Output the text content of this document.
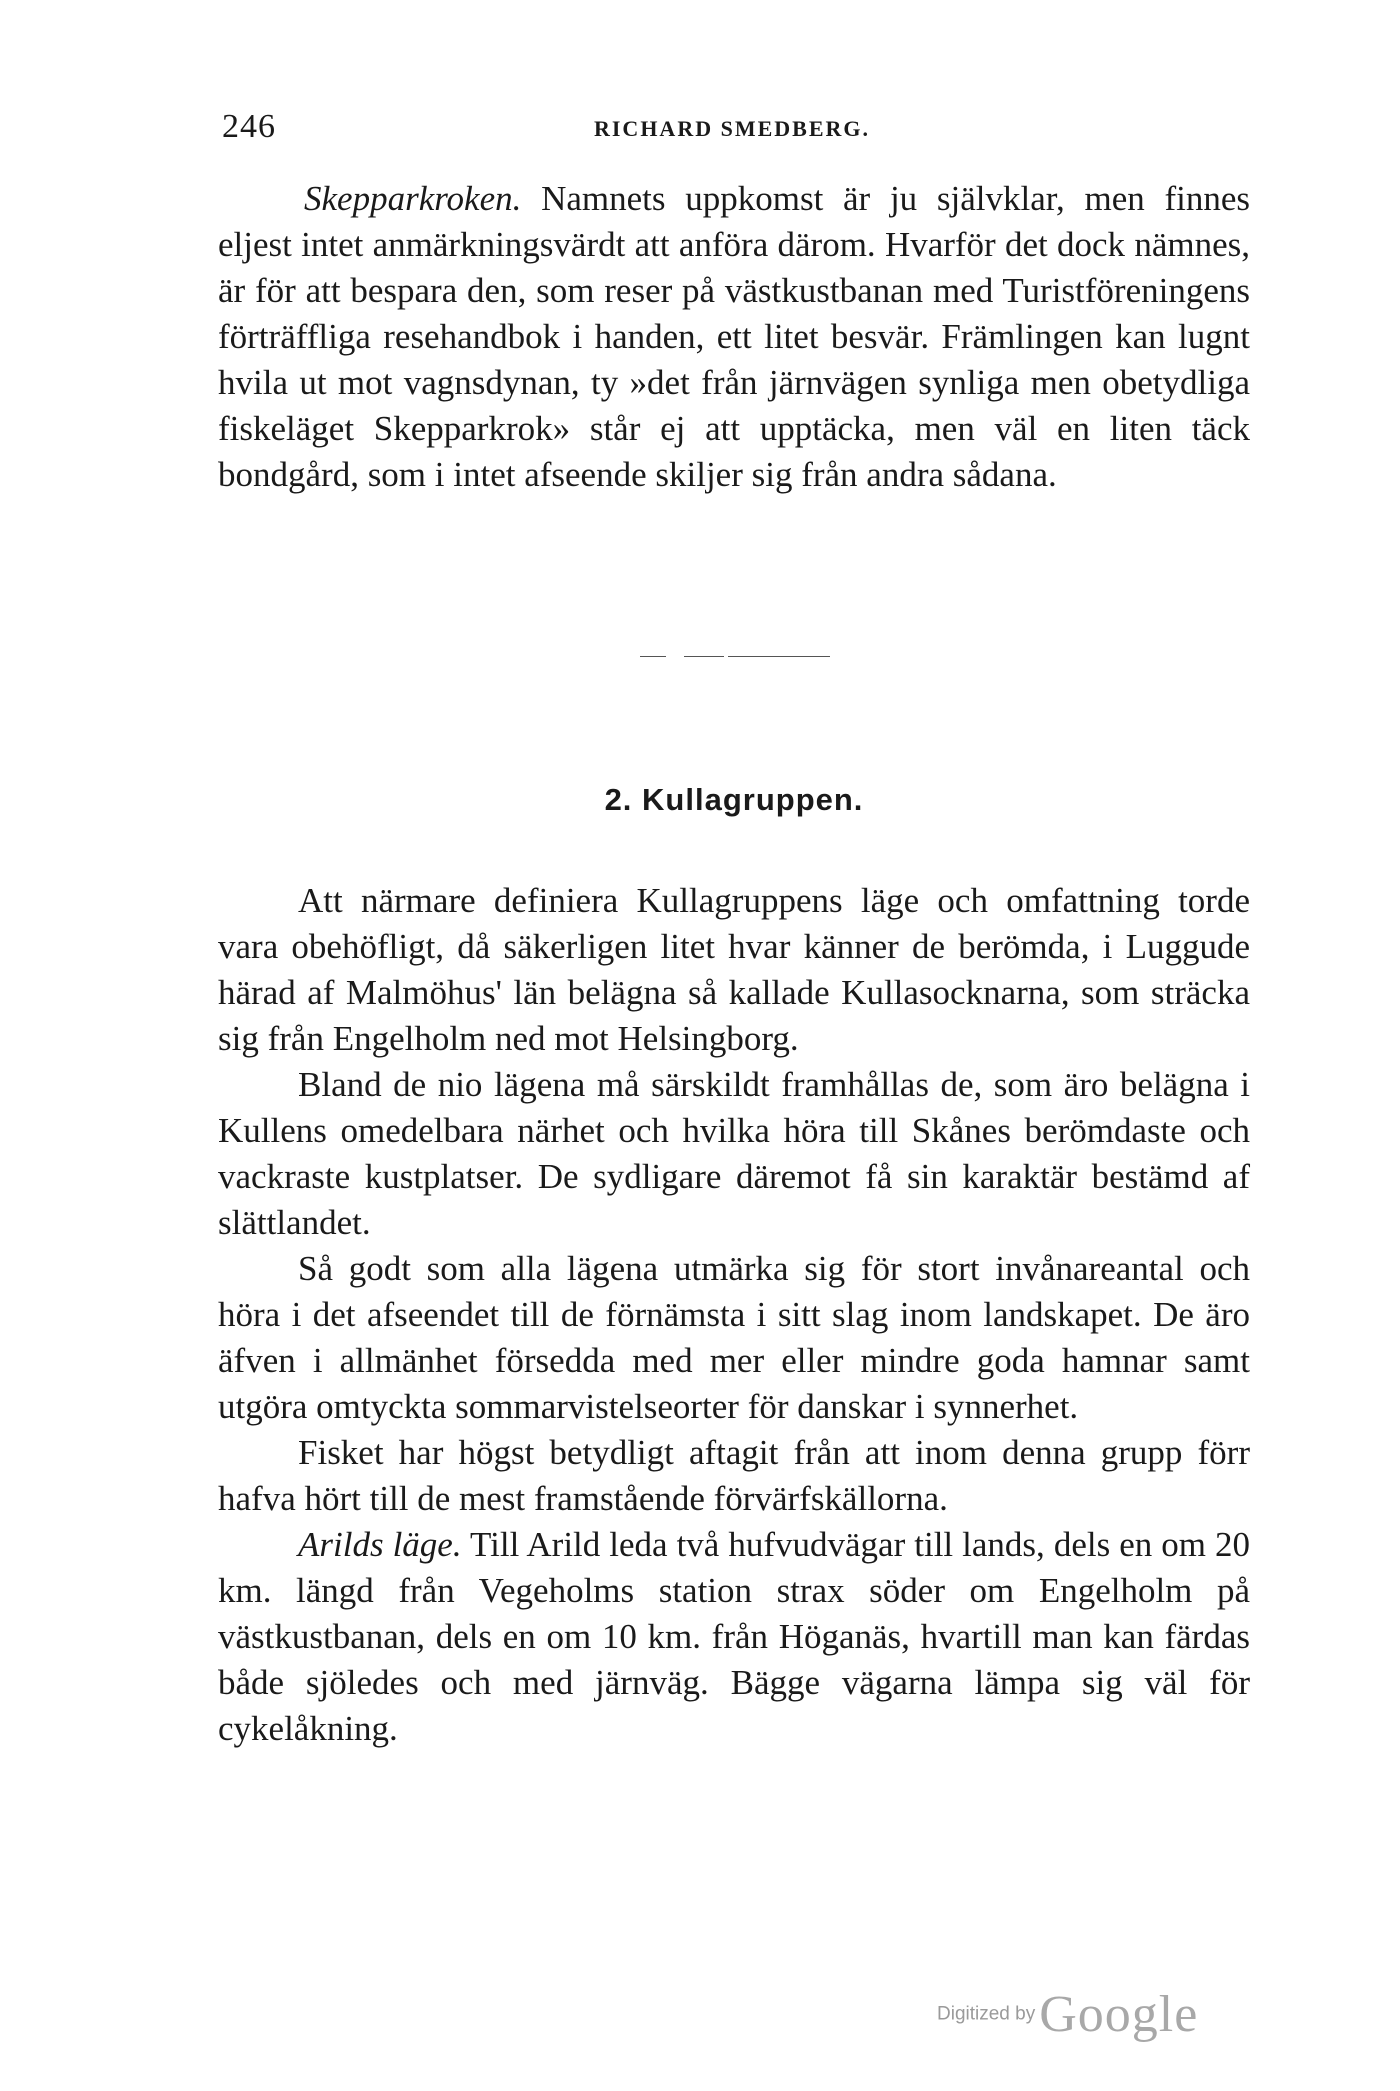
246	RICHARD SMEDBERG.

Skepparkroken. Namnets uppkomst är ju självklar, men finnes eljest intet anmärkningsvärdt att anföra därom. Hvarför det dock nämnes, är för att bespara den, som reser på västkustbanan med Turistföreningens förträffliga resehandbok i handen, ett litet besvär. Främlingen kan lugnt hvila ut mot vagnsdynan, ty »det från järnvägen synliga men obetydliga fiskeläget Skepparkrok» står ej att upptäcka, men väl en liten täck bondgård, som i intet afseende skiljer sig från andra sådana.

2. Kullagruppen.

Att närmare definiera Kullagruppens läge och omfattning torde vara obehöfligt, då säkerligen litet hvar känner de berömda, i Luggude härad af Malmöhus' län belägna så kallade Kullasocknarna, som sträcka sig från Engelholm ned mot Helsingborg.

Bland de nio lägena må särskildt framhållas de, som äro belägna i Kullens omedelbara närhet och hvilka höra till Skånes berömdaste och vackraste kustplatser. De sydligare däremot få sin karaktär bestämd af slättlandet.

Så godt som alla lägena utmärka sig för stort invånareantal och höra i det afseendet till de förnämsta i sitt slag inom landskapet. De äro äfven i allmänhet försedda med mer eller mindre goda hamnar samt utgöra omtyckta sommarvistelseorter för danskar i synnerhet.

Fisket har högst betydligt aftagit från att inom denna grupp förr hafva hört till de mest framstående förvärfskällorna.

Arilds läge. Till Arild leda två hufvudvägar till lands, dels en om 20 km. längd från Vegeholms station strax söder om Engelholm på västkustbanan, dels en om 10 km. från Höganäs, hvartill man kan färdas både sjöledes och med järnväg. Bägge vägarna lämpa sig väl för cykelåkning.

Digitized by Google
